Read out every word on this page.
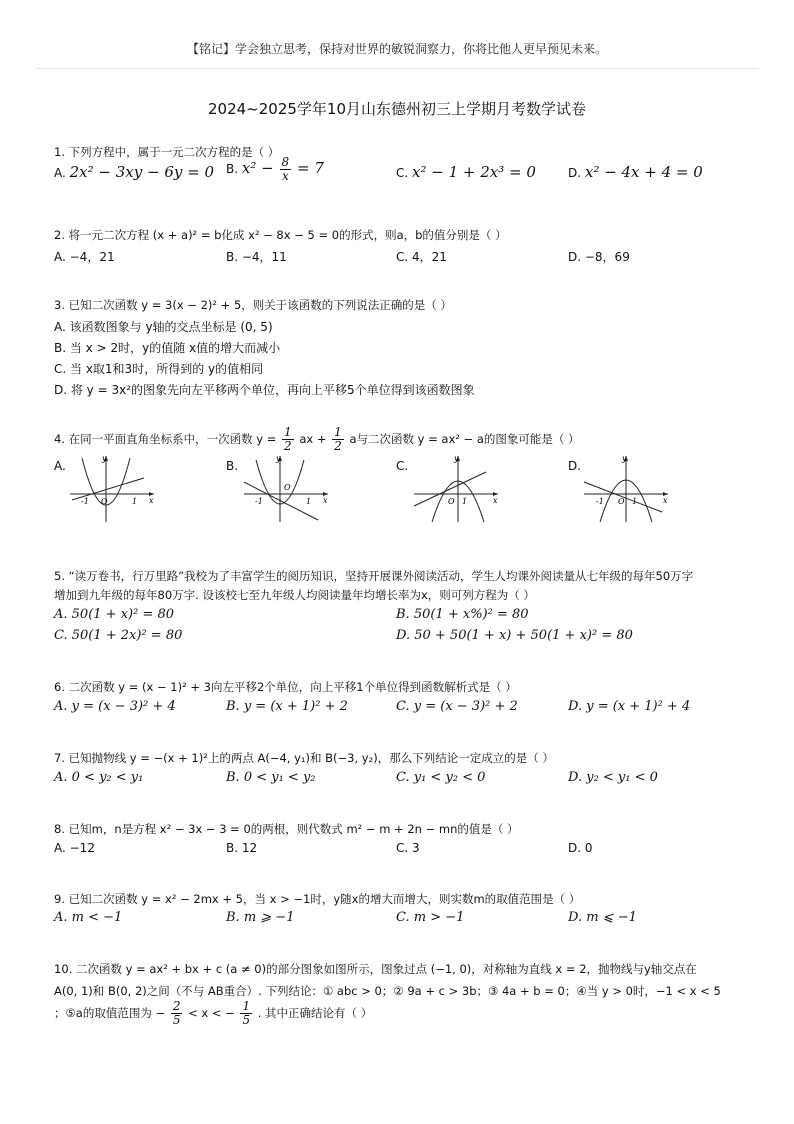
【铭记】学会独立思考，保持对世界的敏锐洞察力，你将比他人更早预见未来。
2024~2025学年10月山东德州初三上学期月考数学试卷
1. 下列方程中，属于一元二次方程的是（ ）
A. 2x² − 3xy − 6y = 0 B. $x^2 - \frac{8}{x} = 7$	C. x² − 1 + 2x³ = 0	D. x² − 4x + 4 = 0
2. 将一元二次方程 (x + a)² = b化成 x² − 8x − 5 = 0的形式，则a，b的值分别是（ ）
A. −4，21	B. −4，11	C. 4，21	D. −8，69
3. 已知二次函数 y = 3(x − 2)² + 5，则关于该函数的下列说法正确的是（ ）
A. 该函数图象与 y轴的交点坐标是 (0, 5)
B. 当 x > 2时，y的值随 x值的增大而减小
C. 当 x取1和3时，所得到的 y的值相同
D. 将 y = 3x²的图象先向左平移两个单位，再向上平移5个单位得到该函数图象
4. 在同一平面直角坐标系中，一次函数 $y = \frac{1}{2}$ ax + $\frac{1}{2}$ a与二次函数 y = ax² − a的图象可能是（ ）
A.	B.	C.	D.
y
x
-1 O	1
y
x
-1
O
1
y
x
O 1
y
x
-1 O 1
5. “读万卷书，行万里路”我校为了丰富学生的阅历知识，坚持开展课外阅读活动，学生人均课外阅读量从七年级的每年50万字
增加到九年级的每年80万字. 设该校七至九年级人均阅读量年均增长率为x，则可列方程为（ ）
A. 50(1 + x)² = 80	B. 50(1 + x%)² = 80
C. 50(1 + 2x)² = 80	D. 50 + 50(1 + x) + 50(1 + x)² = 80
6. 二次函数 y = (x − 1)² + 3向左平移2个单位，向上平移1个单位得到函数解析式是（ ）
A. y = (x − 3)² + 4	B. y = (x + 1)² + 2	C. y = (x − 3)² + 2	D. y = (x + 1)² + 4
7. 已知抛物线 y = −(x + 1)²上的两点 A(−4, y₁)和 B(−3, y₂)，那么下列结论一定成立的是（ ）
A. 0 < y₂ < y₁	B. 0 < y₁ < y₂	C. y₁ < y₂ < 0	D. y₂ < y₁ < 0
8. 已知m，n是方程 x² − 3x − 3 = 0的两根，则代数式 m² − m + 2n − mn的值是（ ）
A. −12	B. 12	C. 3	D. 0
9. 已知二次函数 y = x² − 2mx + 5，当 x > −1时，y随x的增大而增大，则实数m的取值范围是（ ）
A. m < −1	B. m ⩾ −1	C. m > −1	D. m ⩽ −1
10. 二次函数 y = ax² + bx + c (a ≠ 0)的部分图象如图所示，图象过点 (−1, 0)，对称轴为直线 x = 2，抛物线与y轴交点在
A(0, 1)和 B(0, 2)之间（不与 AB重合）. 下列结论：① abc > 0；② 9a + c > 3b；③ 4a + b = 0；④当 y > 0时，−1 < x < 5
；⑤a的取值范围为 − $\frac{2}{5} < x$ < − $\frac{1}{5}$ . 其中正确结论有（ ）
